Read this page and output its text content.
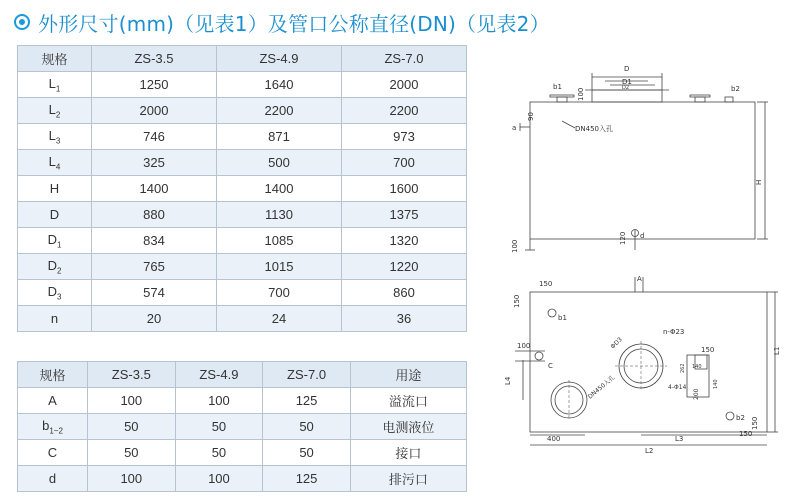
外形尺寸(mm)（见表1）及管口公称直径(DN)（见表2）
规格	ZS-3.5	ZS-4.9	ZS-7.0
$L_1$	1250	1640	2000
$L_2$	2000	2200	2200
$L_3$	746	871	973
$L_4$	325	500	700
H	1400	1400	1600
D	880	1130	1375
$D_1$	834	1085	1320
$D_2$	765	1015	1220
$D_3$	574	700	860
n	20	24	36
规格	ZS-3.5	ZS-4.9	ZS-7.0	用途
A	100	100	125	溢流口
$b_{1\sim 2}$	50	50	50	电测液位
C	50	50	50	接口
d	100	100	125	排污口
D
D1
D2
b1	b2
DN450入孔
a
90
100
H
100
120 d
A
150
150
b1
100
C
L1
L4
ΦD3
n-Φ23
DN450入孔
150
140
262
4-Φ14	140
200
b2
400	L3
L2
150
150
